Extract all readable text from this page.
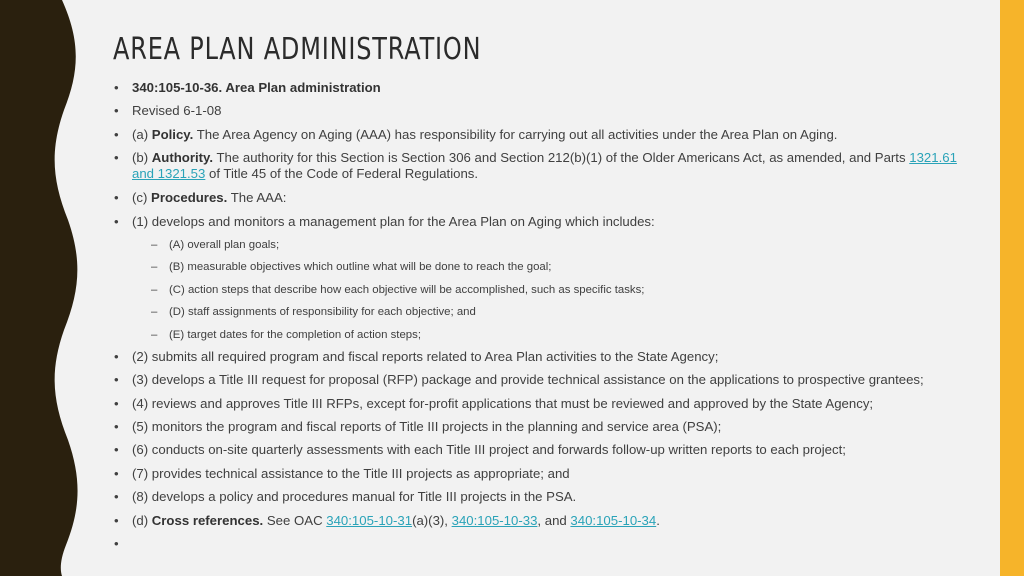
AREA PLAN ADMINISTRATION
• 340:105-10-36. Area Plan administration
• Revised 6-1-08
• (a) Policy. The Area Agency on Aging (AAA) has responsibility for carrying out all activities under the Area Plan on Aging.
• (b) Authority. The authority for this Section is Section 306 and Section 212(b)(1) of the Older Americans Act, as amended, and Parts 1321.61 and 1321.53 of Title 45 of the Code of Federal Regulations.
• (c) Procedures. The AAA:
• (1) develops and monitors a management plan for the Area Plan on Aging which includes:
– (A) overall plan goals;
– (B) measurable objectives which outline what will be done to reach the goal;
– (C) action steps that describe how each objective will be accomplished, such as specific tasks;
– (D) staff assignments of responsibility for each objective; and
– (E) target dates for the completion of action steps;
• (2) submits all required program and fiscal reports related to Area Plan activities to the State Agency;
• (3) develops a Title III request for proposal (RFP) package and provide technical assistance on the applications to prospective grantees;
• (4) reviews and approves Title III RFPs, except for-profit applications that must be reviewed and approved by the State Agency;
• (5) monitors the program and fiscal reports of Title III projects in the planning and service area (PSA);
• (6) conducts on-site quarterly assessments with each Title III project and forwards follow-up written reports to each project;
• (7) provides technical assistance to the Title III projects as appropriate; and
• (8) develops a policy and procedures manual for Title III projects in the PSA.
• (d) Cross references. See OAC 340:105-10-31(a)(3), 340:105-10-33, and 340:105-10-34.
•
